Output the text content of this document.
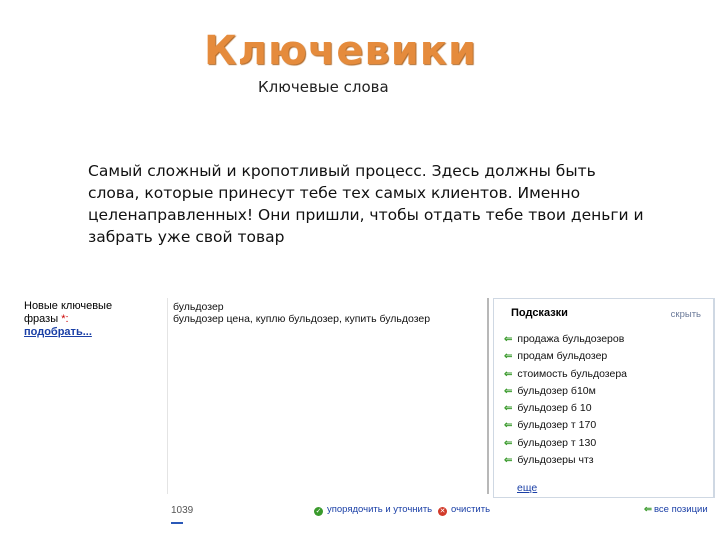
Ключевики
Ключевые слова
Самый сложный и кропотливый процесс. Здесь должны быть слова, которые принесут тебе тех самых клиентов. Именно целенаправленных! Они пришли, чтобы отдать тебе твои деньги и забрать уже свой товар
Новые ключевые
фразы *:
подобрать...
бульдозер
бульдозер цена, куплю бульдозер, купить бульдозер	Подсказки	скрыть
⇐ продажа бульдозеров
⇐ продам бульдозер
⇐ стоимость бульдозера
⇐ бульдозер б10м
⇐ бульдозер б 10
⇐ бульдозер т 170
⇐ бульдозер т 130
⇐ бульдозеры чтз
еще
1039	✓ упорядочить и уточнить ✕ очистить	⇐ все позиции
